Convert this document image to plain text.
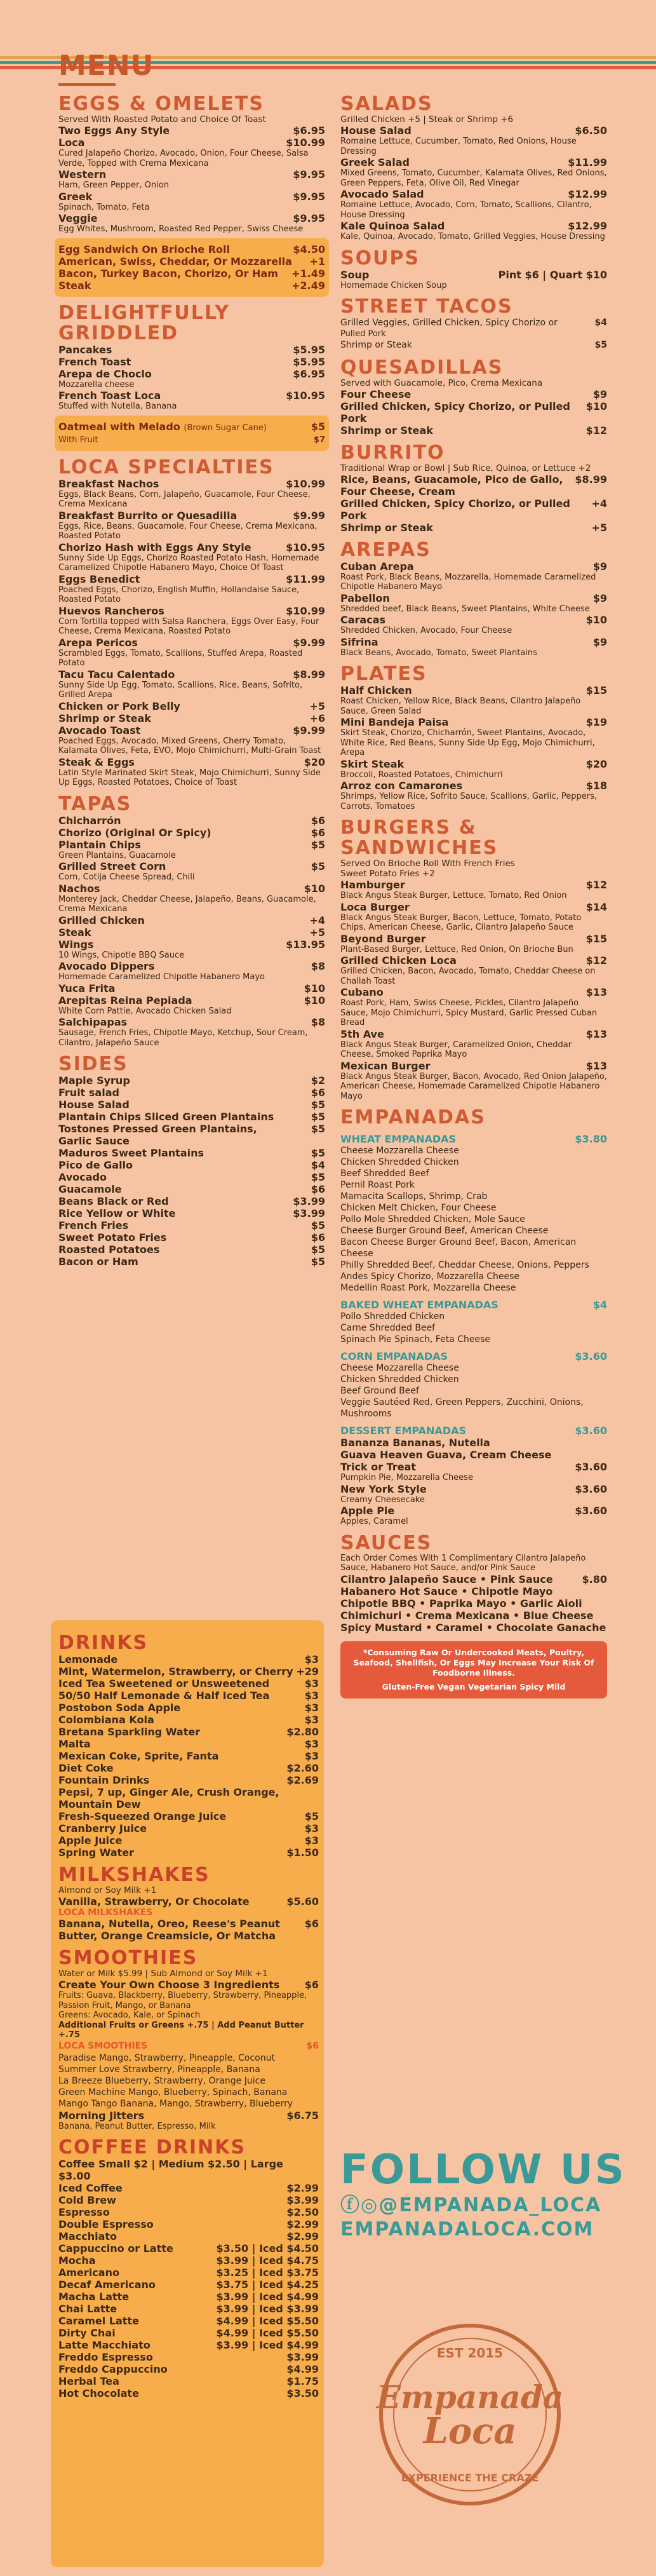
MENU
EGGS & OMELETS
Served With Roasted Potato and Choice Of Toast
Two Eggs Any Style	$6.95
Loca	$10.99
Cured Jalapeño Chorizo, Avocado, Onion, Four Cheese, Salsa Verde, Topped with Crema Mexicana
Western	$9.95
Ham, Green Pepper, Onion
Greek	$9.95
Spinach, Tomato, Feta
Veggie	$9.95
Egg Whites, Mushroom, Roasted Red Pepper, Swiss Cheese
Egg Sandwich On Brioche Roll	$4.50
American, Swiss, Cheddar, Or Mozzarella	+1
Bacon, Turkey Bacon, Chorizo, Or Ham	+1.49
Steak	+2.49
DELIGHTFULLY GRIDDLED
Pancakes	$5.95
French Toast	$5.95
Arepa de Choclo	$6.95
Mozzarella cheese
French Toast Loca	$10.95
Stuffed with Nutella, Banana
Oatmeal with Melado (Brown Sugar Cane)	$5
With Fruit	$7
LOCA SPECIALTIES
Breakfast Nachos	$10.99
Eggs, Black Beans, Corn, Jalapeño, Guacamole, Four Cheese, Crema Mexicana
Breakfast Burrito or Quesadilla	$9.99
Eggs, Rice, Beans, Guacamole, Four Cheese, Crema Mexicana, Roasted Potato
Chorizo Hash with Eggs Any Style	$10.95
Sunny Side Up Eggs, Chorizo Roasted Potato Hash, Homemade Caramelized Chipotle Habanero Mayo, Choice Of Toast
Eggs Benedict	$11.99
Poached Eggs, Chorizo, English Muffin, Hollandaise Sauce, Roasted Potato
Huevos Rancheros	$10.99
Corn Tortilla topped with Salsa Ranchera, Eggs Over Easy, Four Cheese, Crema Mexicana, Roasted Potato
Arepa Pericos	$9.99
Scrambled Eggs, Tomato, Scallions, Stuffed Arepa, Roasted Potato
Tacu Tacu Calentado	$8.99
Sunny Side Up Egg, Tomato, Scallions, Rice, Beans, Sofrito, Grilled Arepa
Chicken or Pork Belly	+5
Shrimp or Steak	+6
Avocado Toast	$9.99
Poached Eggs, Avocado, Mixed Greens, Cherry Tomato, Kalamata Olives, Feta, EVO, Mojo Chimichurri, Multi-Grain Toast
Steak & Eggs	$20
Latin Style Marinated Skirt Steak, Mojo Chimichurri, Sunny Side Up Eggs, Roasted Potatoes, Choice of Toast
TAPAS
Chicharrón	$6
Chorizo (Original Or Spicy)	$6
Plantain Chips	$5
Green Plantains, Guacamole
Grilled Street Corn	$5
Corn, Cotija Cheese Spread, Chili
Nachos	$10
Monterey Jack, Cheddar Cheese, Jalapeño, Beans, Guacamole, Crema Mexicana
Grilled Chicken	+4
Steak	+5
Wings	$13.95
10 Wings, Chipotle BBQ Sauce
Avocado Dippers	$8
Homemade Caramelized Chipotle Habanero Mayo
Yuca Frita	$10
Arepitas Reina Pepiada	$10
White Corn Pattie, Avocado Chicken Salad
Salchipapas	$8
Sausage, French Fries, Chipotle Mayo, Ketchup, Sour Cream, Cilantro, Jalapeño Sauce
SIDES
Maple Syrup	$2
Fruit salad	$6
House Salad	$5
Plantain Chips Sliced Green Plantains	$5
Tostones Pressed Green Plantains,	$5
Garlic Sauce
Maduros Sweet Plantains	$5
Pico de Gallo	$4
Avocado	$5
Guacamole	$6
Beans Black or Red	$3.99
Rice Yellow or White	$3.99
French Fries	$5
Sweet Potato Fries	$6
Roasted Potatoes	$5
Bacon or Ham	$5
DRINKS
Lemonade	$3
Mint, Watermelon, Strawberry, or Cherry +29
Iced Tea Sweetened or Unsweetened	$3
50/50 Half Lemonade & Half Iced Tea	$3
Postobon Soda Apple	$3
Colombiana Kola	$3
Bretana Sparkling Water	$2.80
Malta	$3
Mexican Coke, Sprite, Fanta	$3
Diet Coke	$2.60
Fountain Drinks	$2.69
Pepsi, 7 up, Ginger Ale, Crush Orange, Mountain Dew
Fresh-Squeezed Orange Juice	$5
Cranberry Juice	$3
Apple Juice	$3
Spring Water	$1.50
MILKSHAKES
Almond or Soy Milk +1
Vanilla, Strawberry, Or Chocolate	$5.60
LOCA MILKSHAKES
Banana, Nutella, Oreo, Reese's Peanut Butter, Orange Creamsicle, Or Matcha
$6
SMOOTHIES
Water or Milk $5.99 | Sub Almond or Soy Milk +1
Create Your Own Choose 3 Ingredients	$6
Fruits: Guava, Blackberry, Blueberry, Strawberry, Pineapple, Passion Fruit, Mango, or Banana
Greens: Avocado, Kale, or Spinach
Additional Fruits or Greens +.75 | Add Peanut Butter +.75
LOCA SMOOTHIES	$6
Paradise Mango, Strawberry, Pineapple, Coconut
Summer Love Strawberry, Pineapple, Banana
La Breeze Blueberry, Strawberry, Orange Juice
Green Machine Mango, Blueberry, Spinach, Banana
Mango Tango Banana, Mango, Strawberry, Blueberry
Morning Jitters	$6.75
Banana, Peanut Butter, Espresso, Milk
COFFEE DRINKS
Coffee Small $2 | Medium $2.50 | Large $3.00
Iced Coffee	$2.99
Cold Brew	$3.99
Espresso	$2.50
Double Espresso	$2.99
Macchiato	$2.99
Cappuccino or Latte	$3.50 | Iced $4.50
Mocha	$3.99 | Iced $4.75
Americano	$3.25 | Iced $3.75
Decaf Americano	$3.75 | Iced $4.25
Macha Latte	$3.99 | Iced $4.99
Chai Latte	$3.99 | Iced $3.99
Caramel Latte	$4.99 | Iced $5.50
Dirty Chai	$4.99 | Iced $5.50
Latte Macchiato	$3.99 | Iced $4.99
Freddo Espresso	$3.99
Freddo Cappuccino	$4.99
Herbal Tea	$1.75
Hot Chocolate	$3.50
SALADS
Grilled Chicken +5 | Steak or Shrimp +6
House Salad	$6.50
Romaine Lettuce, Cucumber, Tomato, Red Onions, House Dressing
Greek Salad	$11.99
Mixed Greens, Tomato, Cucumber, Kalamata Olives, Red Onions, Green Peppers, Feta, Olive Oil, Red Vinegar
Avocado Salad	$12.99
Romaine Lettuce, Avocado, Corn, Tomato, Scallions, Cilantro, House Dressing
Kale Quinoa Salad	$12.99
Kale, Quinoa, Avocado, Tomato, Grilled Veggies, House Dressing
SOUPS
Soup	Pint $6 | Quart $10
Homemade Chicken Soup
STREET TACOS
Grilled Veggies, Grilled Chicken, Spicy Chorizo or	$4
Pulled Pork
Shrimp or Steak	$5
QUESADILLAS
Served with Guacamole, Pico, Crema Mexicana
Four Cheese	$9
Grilled Chicken, Spicy Chorizo, or Pulled Pork
$10
Shrimp or Steak	$12
BURRITO
Traditional Wrap or Bowl | Sub Rice, Quinoa, or Lettuce +2
Rice, Beans, Guacamole, Pico de Gallo,	$8.99
Four Cheese, Cream
Grilled Chicken, Spicy Chorizo, or Pulled Pork
+4
Shrimp or Steak	+5
AREPAS
Cuban Arepa	$9
Roast Pork, Black Beans, Mozzarella, Homemade Caramelized Chipotle Habanero Mayo
Pabellon	$9
Shredded beef, Black Beans, Sweet Plantains, White Cheese
Caracas	$10
Shredded Chicken, Avocado, Four Cheese
Sifrina	$9
Black Beans, Avocado, Tomato, Sweet Plantains
PLATES
Half Chicken	$15
Roast Chicken, Yellow Rice, Black Beans, Cilantro Jalapeño Sauce, Green Salad
Mini Bandeja Paisa	$19
Skirt Steak, Chorizo, Chicharrón, Sweet Plantains, Avocado, White Rice, Red Beans, Sunny Side Up Egg, Mojo Chimichurri, Arepa
Skirt Steak	$20
Broccoli, Roasted Potatoes, Chimichurri
Arroz con Camarones	$18
Shrimps, Yellow Rice, Sofrito Sauce, Scallions, Garlic, Peppers, Carrots, Tomatoes
BURGERS & SANDWICHES
Served On Brioche Roll With French Fries
Sweet Potato Fries +2
Hamburger	$12
Black Angus Steak Burger, Lettuce, Tomato, Red Onion
Loca Burger	$14
Black Angus Steak Burger, Bacon, Lettuce, Tomato, Potato Chips, American Cheese, Garlic, Cilantro Jalapeño Sauce
Beyond Burger	$15
Plant-Based Burger, Lettuce, Red Onion, On Brioche Bun
Grilled Chicken Loca	$12
Grilled Chicken, Bacon, Avocado, Tomato, Cheddar Cheese on Challah Toast
Cubano	$13
Roast Pork, Ham, Swiss Cheese, Pickles, Cilantro Jalapeño Sauce, Mojo Chimichurri, Spicy Mustard, Garlic Pressed Cuban Bread
5th Ave	$13
Black Angus Steak Burger, Caramelized Onion, Cheddar Cheese, Smoked Paprika Mayo
Mexican Burger	$13
Black Angus Steak Burger, Bacon, Avocado, Red Onion Jalapeño, American Cheese, Homemade Caramelized Chipotle Habanero Mayo
EMPANADAS
WHEAT EMPANADAS	$3.80
Cheese Mozzarella Cheese
Chicken Shredded Chicken
Beef Shredded Beef
Pernil Roast Pork
Mamacita Scallops, Shrimp, Crab
Chicken Melt Chicken, Four Cheese
Pollo Mole Shredded Chicken, Mole Sauce
Cheese Burger Ground Beef, American Cheese
Bacon Cheese Burger Ground Beef, Bacon, American Cheese
Philly Shredded Beef, Cheddar Cheese, Onions, Peppers
Andes Spicy Chorizo, Mozzarella Cheese
Medellin Roast Pork, Mozzarella Cheese
BAKED WHEAT EMPANADAS	$4
Pollo Shredded Chicken
Carne Shredded Beef
Spinach Pie Spinach, Feta Cheese
CORN EMPANADAS	$3.60
Cheese Mozzarella Cheese
Chicken Shredded Chicken
Beef Ground Beef
Veggie Sautéed Red, Green Peppers, Zucchini, Onions, Mushrooms
DESSERT EMPANADAS	$3.60
Bananza Bananas, Nutella
Guava Heaven Guava, Cream Cheese
Trick or Treat	$3.60
Pumpkin Pie, Mozzarella Cheese
New York Style	$3.60
Creamy Cheesecake
Apple Pie	$3.60
Apples, Caramel
SAUCES
Each Order Comes With 1 Complimentary Cilantro Jalapeño Sauce, Habanero Hot Sauce, and/or Pink Sauce
Cilantro Jalapeño Sauce • Pink Sauce	$.80
Habanero Hot Sauce • Chipotle Mayo
Chipotle BBQ • Paprika Mayo • Garlic Aioli
Chimichuri • Crema Mexicana • Blue Cheese
Spicy Mustard • Caramel • Chocolate Ganache
*Consuming Raw Or Undercooked Meats, Poultry, Seafood, Shellfish, Or Eggs May Increase Your Risk Of Foodborne Illness.
Gluten-Free Vegan Vegetarian Spicy Mild
FOLLOW US
ⓕ◎@EMPANADA_LOCA
EMPANADALOCA.COM
EST 2015
Empanada
Loca
EXPERIENCE THE CRAZE
